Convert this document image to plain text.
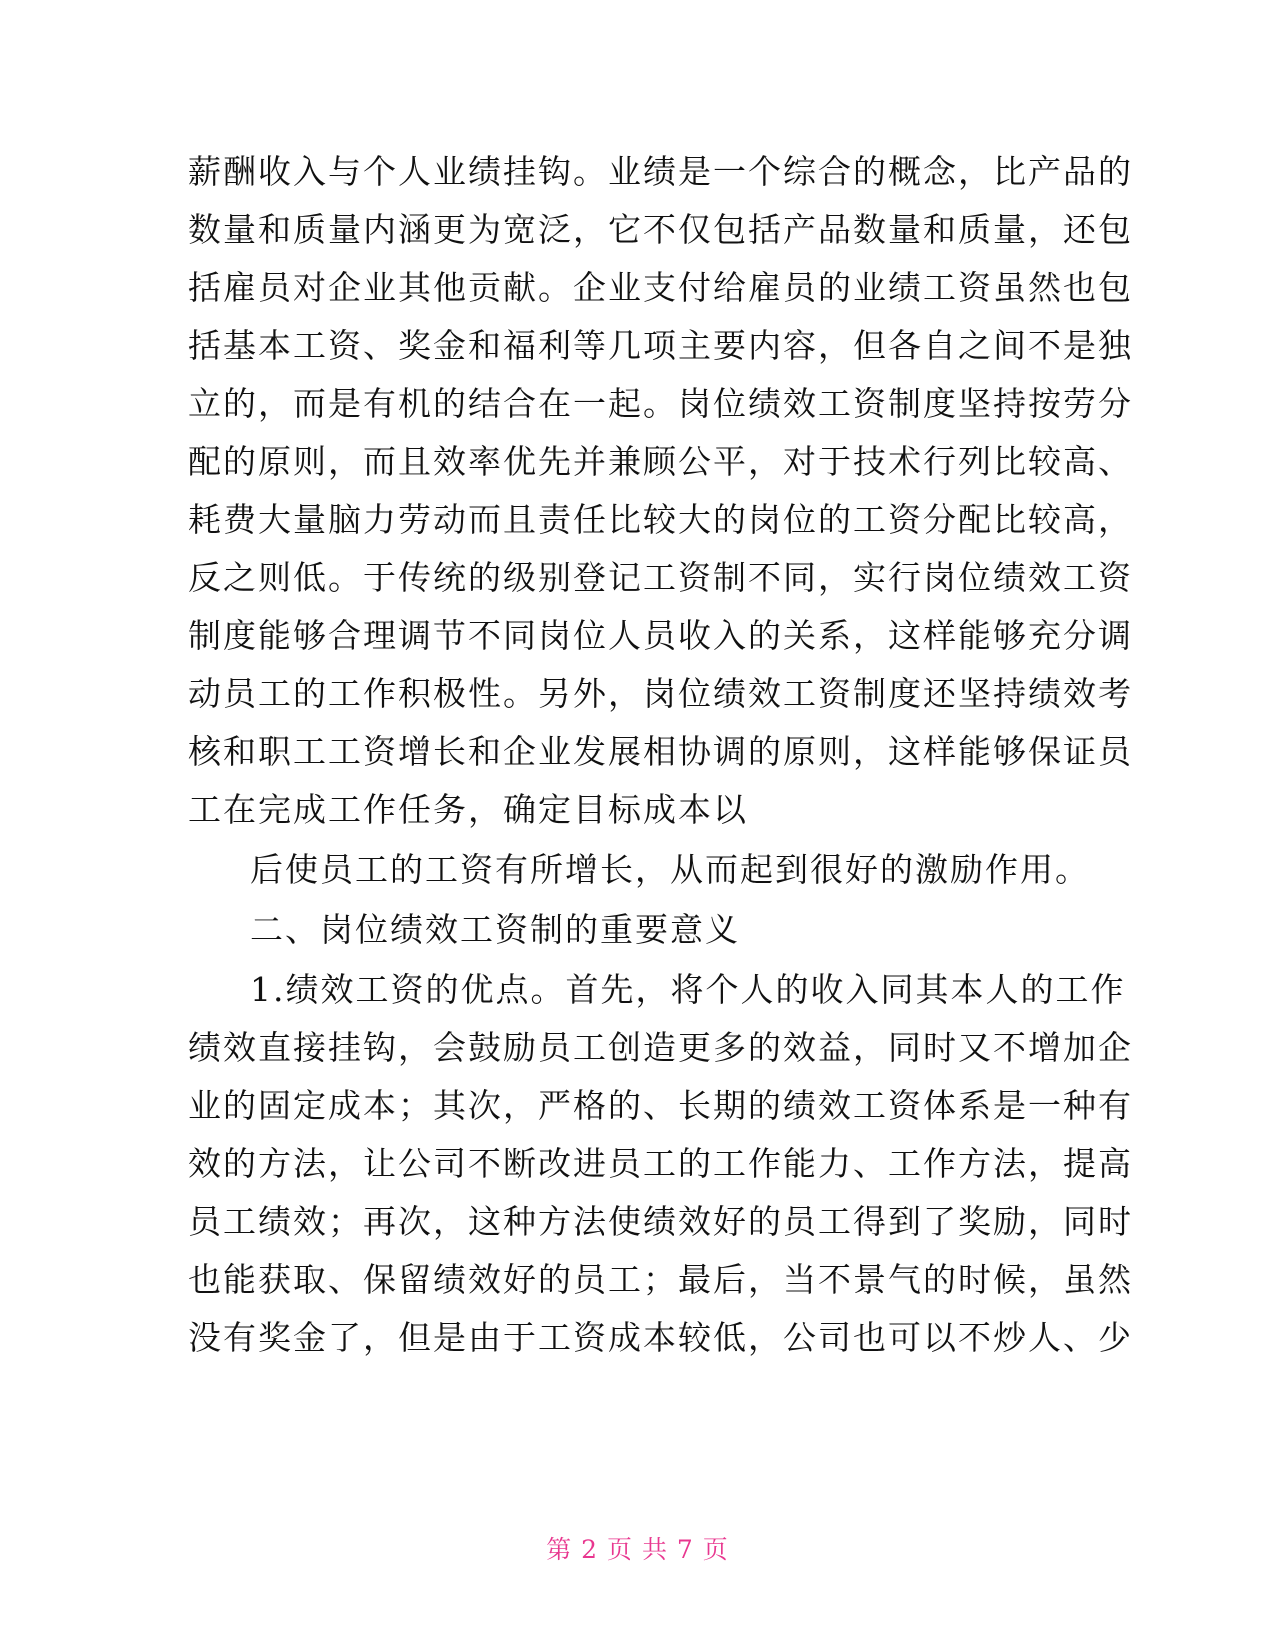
薪酬收入与个人业绩挂钩。业绩是一个综合的概念，比产品的
数量和质量内涵更为宽泛，它不仅包括产品数量和质量，还包
括雇员对企业其他贡献。企业支付给雇员的业绩工资虽然也包
括基本工资、奖金和福利等几项主要内容，但各自之间不是独
立的，而是有机的结合在一起。岗位绩效工资制度坚持按劳分
配的原则，而且效率优先并兼顾公平，对于技术行列比较高、
耗费大量脑力劳动而且责任比较大的岗位的工资分配比较高，
反之则低。于传统的级别登记工资制不同，实行岗位绩效工资
制度能够合理调节不同岗位人员收入的关系，这样能够充分调
动员工的工作积极性。另外，岗位绩效工资制度还坚持绩效考
核和职工工资增长和企业发展相协调的原则，这样能够保证员
工在完成工作任务，确定目标成本以
后使员工的工资有所增长，从而起到很好的激励作用。
二、岗位绩效工资制的重要意义
1.绩效工资的优点。首先，将个人的收入同其本人的工作
绩效直接挂钩，会鼓励员工创造更多的效益，同时又不增加企
业的固定成本；其次，严格的、长期的绩效工资体系是一种有
效的方法，让公司不断改进员工的工作能力、工作方法，提高
员工绩效；再次，这种方法使绩效好的员工得到了奖励，同时
也能获取、保留绩效好的员工；最后，当不景气的时候，虽然
没有奖金了，但是由于工资成本较低，公司也可以不炒人、少
第 2 页 共 7 页
